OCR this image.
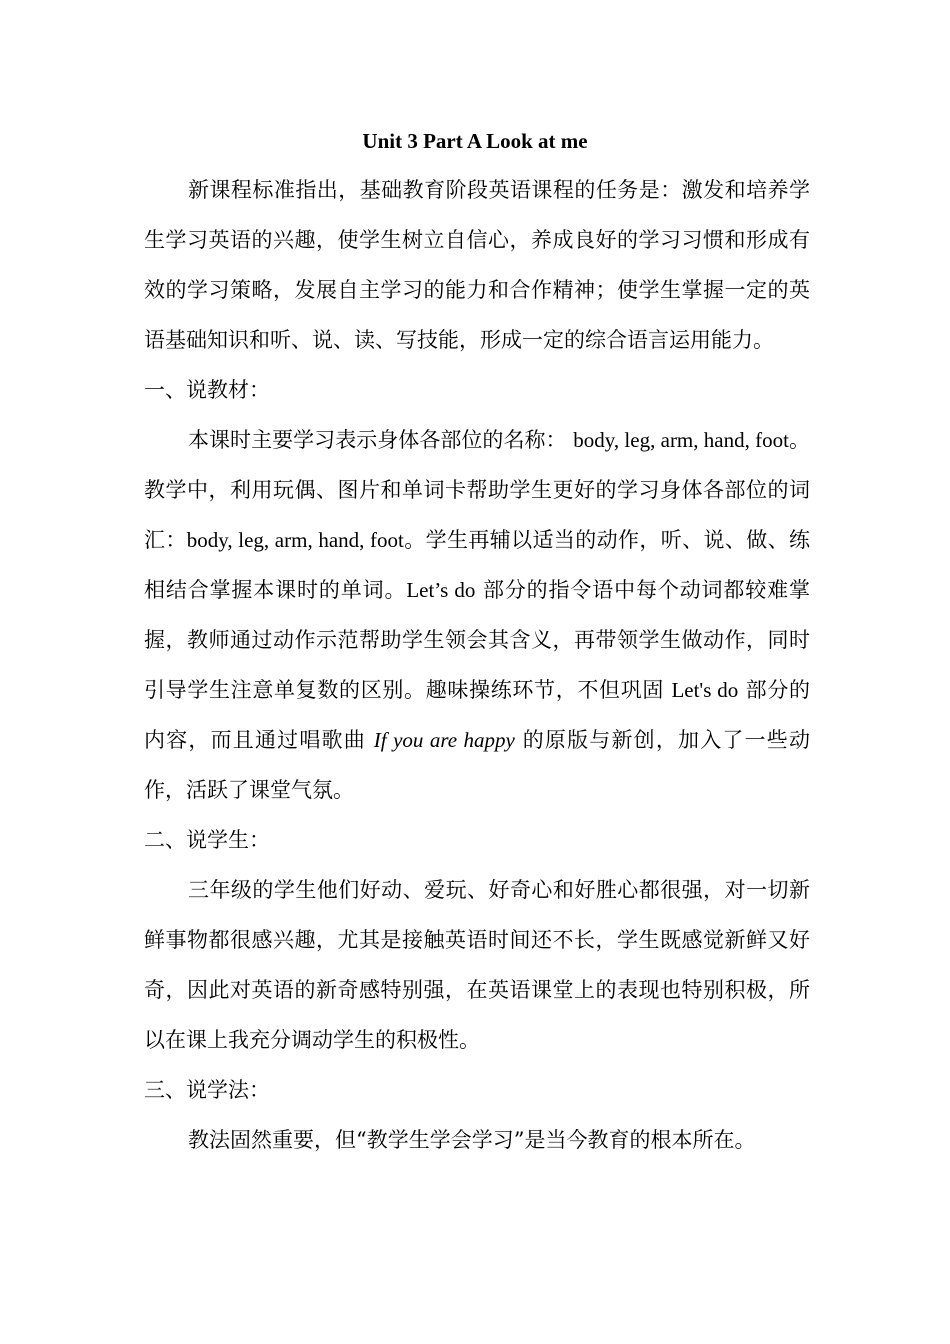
Unit 3 Part A Look at me

新课程标准指出，基础教育阶段英语课程的任务是：激发和培养学生学习英语的兴趣，使学生树立自信心，养成良好的学习习惯和形成有效的学习策略，发展自主学习的能力和合作精神；使学生掌握一定的英语基础知识和听、说、读、写技能，形成一定的综合语言运用能力。

一、说教材：

本课时主要学习表示身体各部位的名称： body, leg, arm, hand, foot。教学中，利用玩偶、图片和单词卡帮助学生更好的学习身体各部位的词汇：body, leg, arm, hand, foot。学生再辅以适当的动作，听、说、做、练相结合掌握本课时的单词。Let’s do 部分的指令语中每个动词都较难掌握，教师通过动作示范帮助学生领会其含义，再带领学生做动作，同时引导学生注意单复数的区别。趣味操练环节，不但巩固 Let's do 部分的内容，而且通过唱歌曲 If you are happy 的原版与新创，加入了一些动作，活跃了课堂气氛。

二、说学生：

三年级的学生他们好动、爱玩、好奇心和好胜心都很强，对一切新鲜事物都很感兴趣，尤其是接触英语时间还不长，学生既感觉新鲜又好奇，因此对英语的新奇感特别强，在英语课堂上的表现也特别积极，所以在课上我充分调动学生的积极性。

三、说学法：

教法固然重要，但“教学生学会学习”是当今教育的根本所在。
